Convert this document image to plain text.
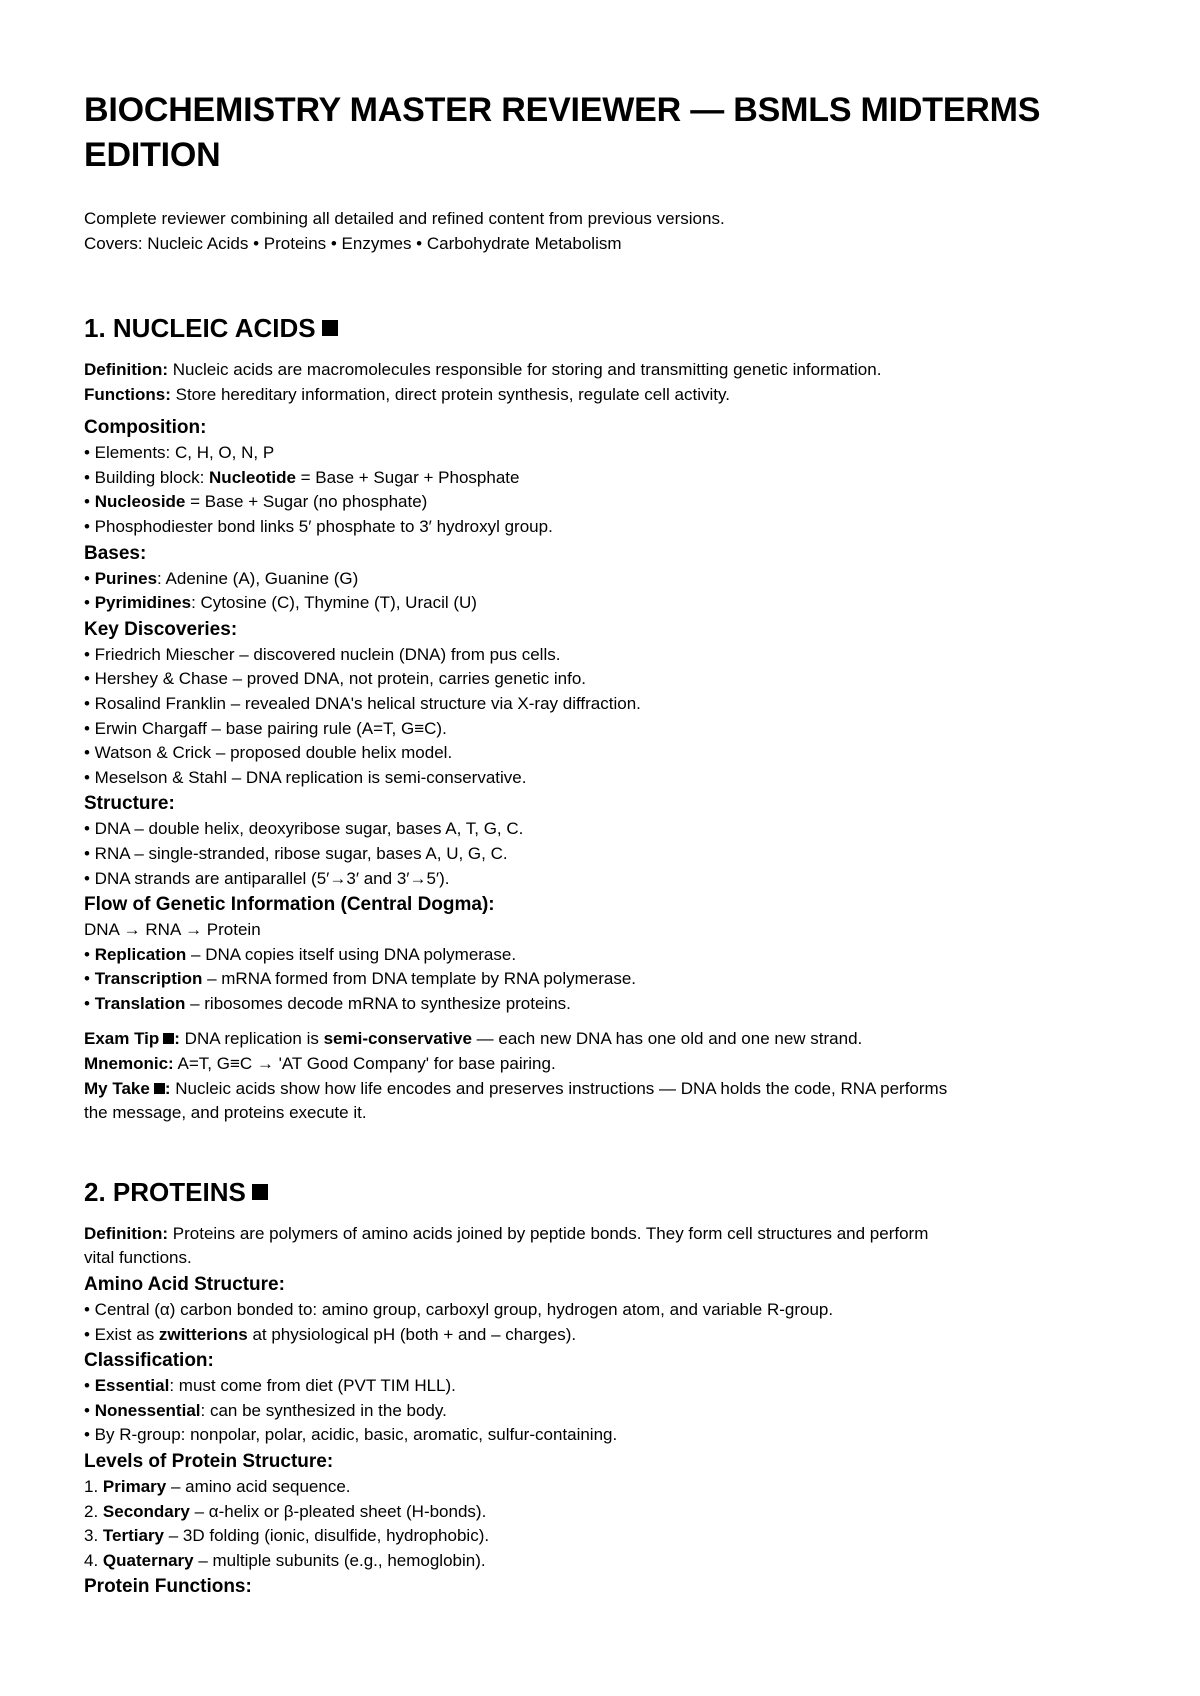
BIOCHEMISTRY MASTER REVIEWER — BSMLS MIDTERMS EDITION
Complete reviewer combining all detailed and refined content from previous versions.
Covers: Nucleic Acids • Proteins • Enzymes • Carbohydrate Metabolism
1. NUCLEIC ACIDS
Definition: Nucleic acids are macromolecules responsible for storing and transmitting genetic information.
Functions: Store hereditary information, direct protein synthesis, regulate cell activity.
Composition:
• Elements: C, H, O, N, P
• Building block: Nucleotide = Base + Sugar + Phosphate
• Nucleoside = Base + Sugar (no phosphate)
• Phosphodiester bond links 5′ phosphate to 3′ hydroxyl group.
Bases:
• Purines: Adenine (A), Guanine (G)
• Pyrimidines: Cytosine (C), Thymine (T), Uracil (U)
Key Discoveries:
• Friedrich Miescher – discovered nuclein (DNA) from pus cells.
• Hershey & Chase – proved DNA, not protein, carries genetic info.
• Rosalind Franklin – revealed DNA's helical structure via X-ray diffraction.
• Erwin Chargaff – base pairing rule (A=T, G≡C).
• Watson & Crick – proposed double helix model.
• Meselson & Stahl – DNA replication is semi-conservative.
Structure:
• DNA – double helix, deoxyribose sugar, bases A, T, G, C.
• RNA – single-stranded, ribose sugar, bases A, U, G, C.
• DNA strands are antiparallel (5′→3′ and 3′→5′).
Flow of Genetic Information (Central Dogma):
DNA → RNA → Protein
• Replication – DNA copies itself using DNA polymerase.
• Transcription – mRNA formed from DNA template by RNA polymerase.
• Translation – ribosomes decode mRNA to synthesize proteins.
Exam Tip : DNA replication is semi-conservative — each new DNA has one old and one new strand.
Mnemonic: A=T, G≡C → 'AT Good Company' for base pairing.
My Take : Nucleic acids show how life encodes and preserves instructions — DNA holds the code, RNA performs
the message, and proteins execute it.
2. PROTEINS
Definition: Proteins are polymers of amino acids joined by peptide bonds. They form cell structures and perform
vital functions.
Amino Acid Structure:
• Central (α) carbon bonded to: amino group, carboxyl group, hydrogen atom, and variable R-group.
• Exist as zwitterions at physiological pH (both + and – charges).
Classification:
• Essential: must come from diet (PVT TIM HLL).
• Nonessential: can be synthesized in the body.
• By R-group: nonpolar, polar, acidic, basic, aromatic, sulfur-containing.
Levels of Protein Structure:
1. Primary – amino acid sequence.
2. Secondary – α-helix or β-pleated sheet (H-bonds).
3. Tertiary – 3D folding (ionic, disulfide, hydrophobic).
4. Quaternary – multiple subunits (e.g., hemoglobin).
Protein Functions:
